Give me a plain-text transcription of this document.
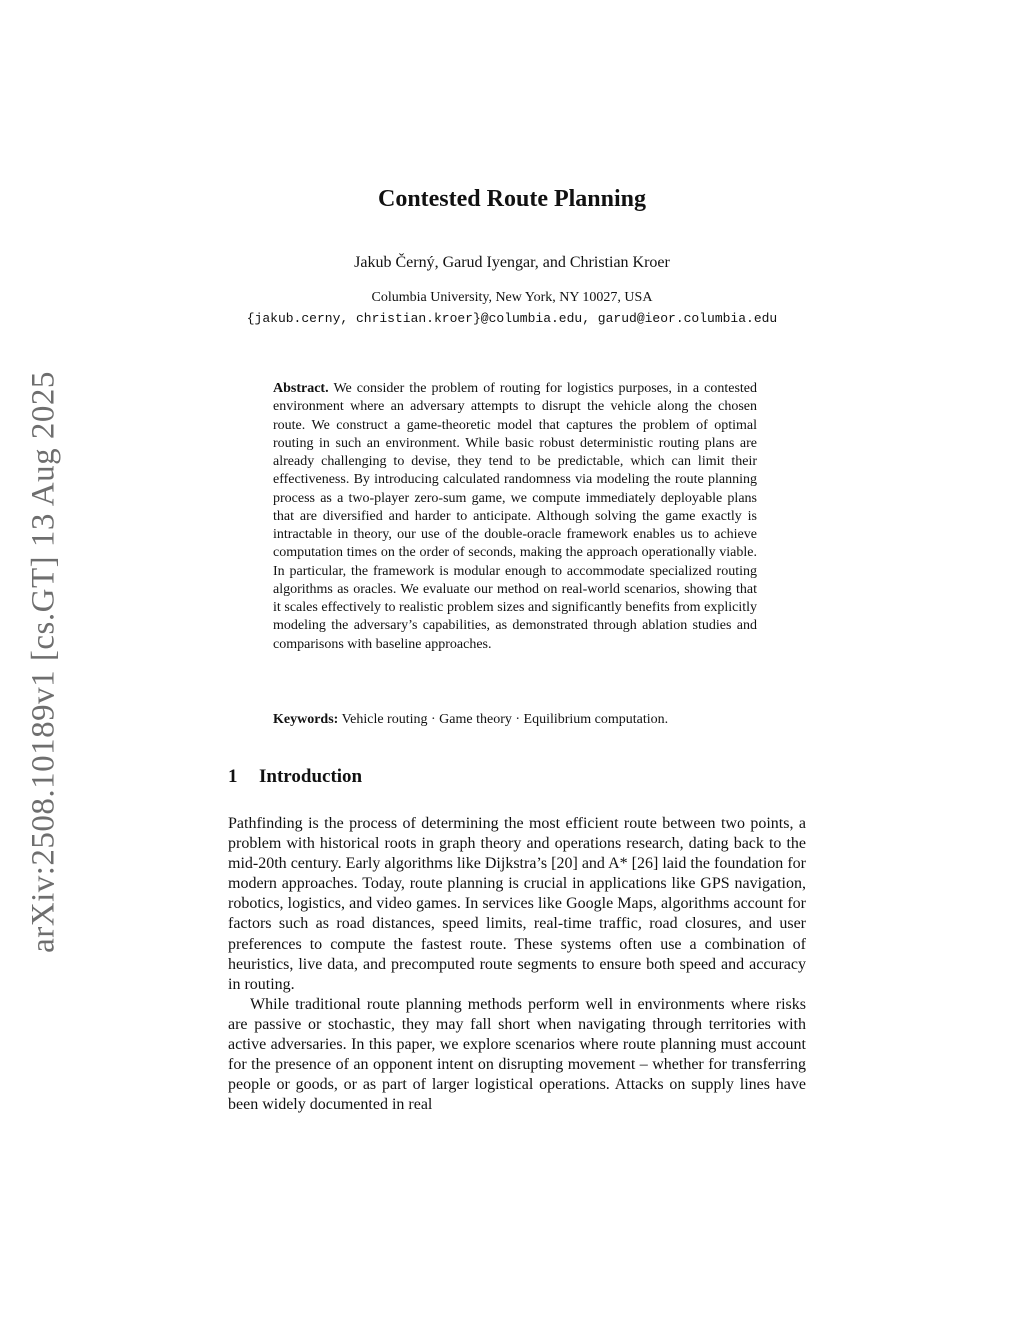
arXiv:2508.10189v1 [cs.GT] 13 Aug 2025
Contested Route Planning
Jakub Černý, Garud Iyengar, and Christian Kroer
Columbia University, New York, NY 10027, USA
{jakub.cerny, christian.kroer}@columbia.edu, garud@ieor.columbia.edu
Abstract. We consider the problem of routing for logistics purposes, in a contested environment where an adversary attempts to disrupt the vehicle along the chosen route. We construct a game-theoretic model that captures the problem of optimal routing in such an environment. While basic robust deterministic routing plans are already challenging to devise, they tend to be predictable, which can limit their effectiveness. By introducing calculated randomness via modeling the route planning process as a two-player zero-sum game, we compute immediately deployable plans that are diversified and harder to anticipate. Although solving the game exactly is intractable in theory, our use of the double-oracle framework enables us to achieve computation times on the order of seconds, making the approach operationally viable. In particular, the framework is modular enough to accommodate specialized routing algorithms as oracles. We evaluate our method on real-world scenarios, showing that it scales effectively to realistic problem sizes and significantly benefits from explicitly modeling the adversary’s capabilities, as demonstrated through ablation studies and comparisons with baseline approaches.
Keywords: Vehicle routing · Game theory · Equilibrium computation.
1 Introduction

Pathfinding is the process of determining the most efficient route between two points, a problem with historical roots in graph theory and operations research, dating back to the mid-20th century. Early algorithms like Dijkstra’s [20] and A* [26] laid the foundation for modern approaches. Today, route planning is crucial in applications like GPS navigation, robotics, logistics, and video games. In services like Google Maps, algorithms account for factors such as road distances, speed limits, real-time traffic, road closures, and user preferences to compute the fastest route. These systems often use a combination of heuristics, live data, and precomputed route segments to ensure both speed and accuracy in routing.

While traditional route planning methods perform well in environments where risks are passive or stochastic, they may fall short when navigating through territories with active adversaries. In this paper, we explore scenarios where route planning must account for the presence of an opponent intent on disrupting movement – whether for transferring people or goods, or as part of larger logistical operations. Attacks on supply lines have been widely documented in real
